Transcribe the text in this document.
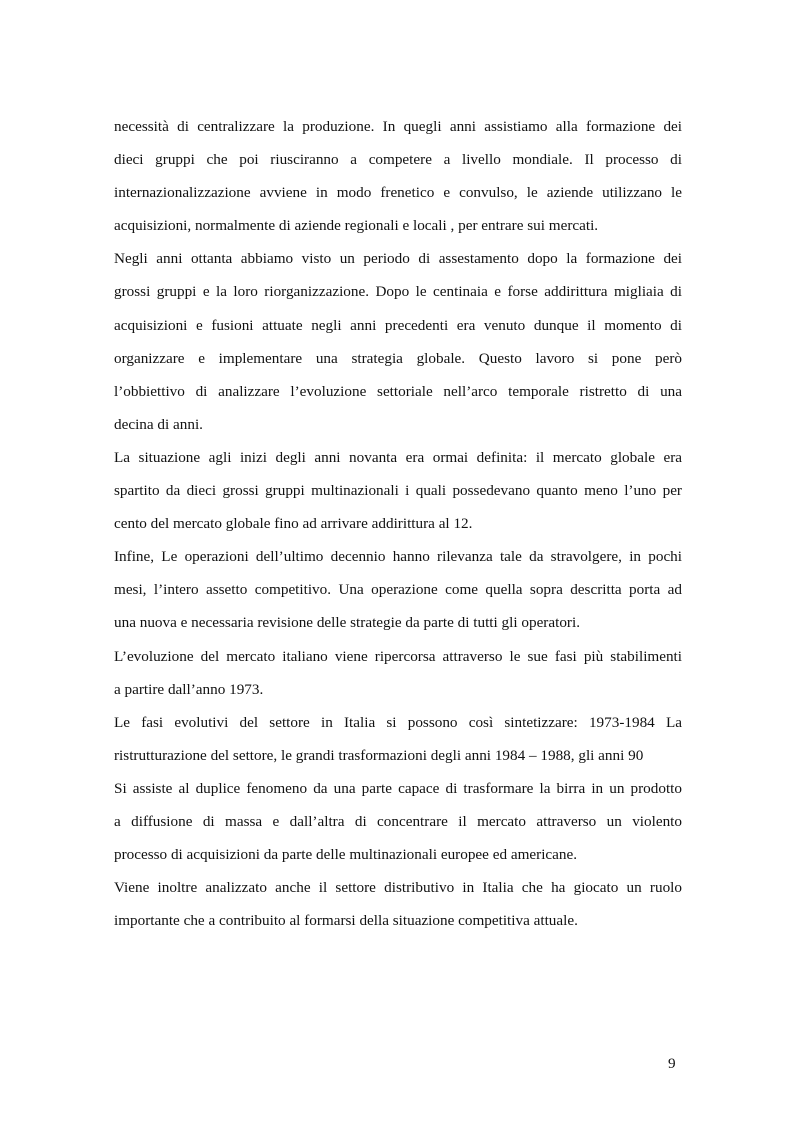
necessità di centralizzare la produzione. In quegli anni assistiamo alla formazione dei
dieci gruppi che poi riusciranno a competere a livello mondiale. Il processo di
internazionalizzazione avviene in modo frenetico e convulso, le aziende utilizzano le
acquisizioni, normalmente di aziende regionali e locali , per entrare sui mercati.

Negli anni ottanta abbiamo visto un periodo di assestamento dopo la formazione dei
grossi gruppi e la loro riorganizzazione. Dopo le centinaia e forse addirittura migliaia di
acquisizioni e fusioni attuate negli anni precedenti era venuto dunque il momento di
organizzare e implementare una strategia globale. Questo lavoro si pone però
l’obbiettivo di analizzare l’evoluzione settoriale nell’arco temporale ristretto di una
decina di anni.

La situazione agli inizi degli anni novanta era ormai definita: il mercato globale era
spartito da dieci grossi gruppi multinazionali i quali possedevano quanto meno l’uno per
cento del mercato globale fino ad arrivare addirittura al 12.

Infine, Le operazioni dell’ultimo decennio hanno rilevanza tale da stravolgere, in pochi
mesi, l’intero assetto competitivo. Una operazione come quella sopra descritta porta ad
una nuova e necessaria revisione delle strategie da parte di tutti gli operatori.

L’evoluzione del mercato italiano viene ripercorsa attraverso le sue fasi più stabilimenti
a partire dall’anno 1973.

Le fasi evolutivi del settore in Italia si possono così sintetizzare: 1973-1984 La
ristrutturazione del settore, le grandi trasformazioni degli anni 1984 – 1988, gli anni 90

Si assiste al duplice fenomeno da una parte capace di trasformare la birra in un prodotto
a diffusione di massa e dall’altra di concentrare il mercato attraverso un violento
processo di acquisizioni da parte delle multinazionali europee ed americane.

Viene inoltre analizzato anche il settore distributivo in Italia che ha giocato un ruolo
importante che a contribuito al formarsi della situazione competitiva attuale.

9
